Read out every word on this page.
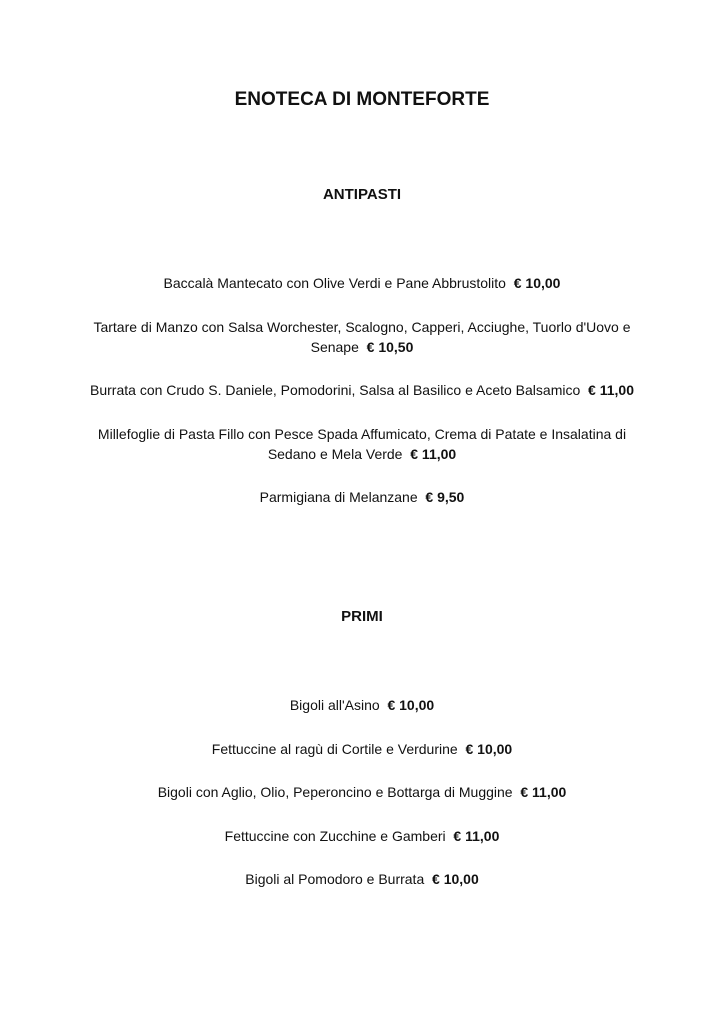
ENOTECA DI MONTEFORTE
ANTIPASTI
Baccalà Mantecato con Olive Verdi e Pane Abbrustolito € 10,00
Tartare di Manzo con Salsa Worchester, Scalogno, Capperi, Acciughe, Tuorlo d'Uovo e Senape € 10,50
Burrata con Crudo S. Daniele, Pomodorini, Salsa al Basilico e Aceto Balsamico € 11,00
Millefoglie di Pasta Fillo con Pesce Spada Affumicato, Crema di Patate e Insalatina di Sedano e Mela Verde € 11,00
Parmigiana di Melanzane € 9,50
PRIMI
Bigoli all'Asino € 10,00
Fettuccine al ragù di Cortile e Verdurine € 10,00
Bigoli con Aglio, Olio, Peperoncino e Bottarga di Muggine € 11,00
Fettuccine con Zucchine e Gamberi € 11,00
Bigoli al Pomodoro e Burrata € 10,00
